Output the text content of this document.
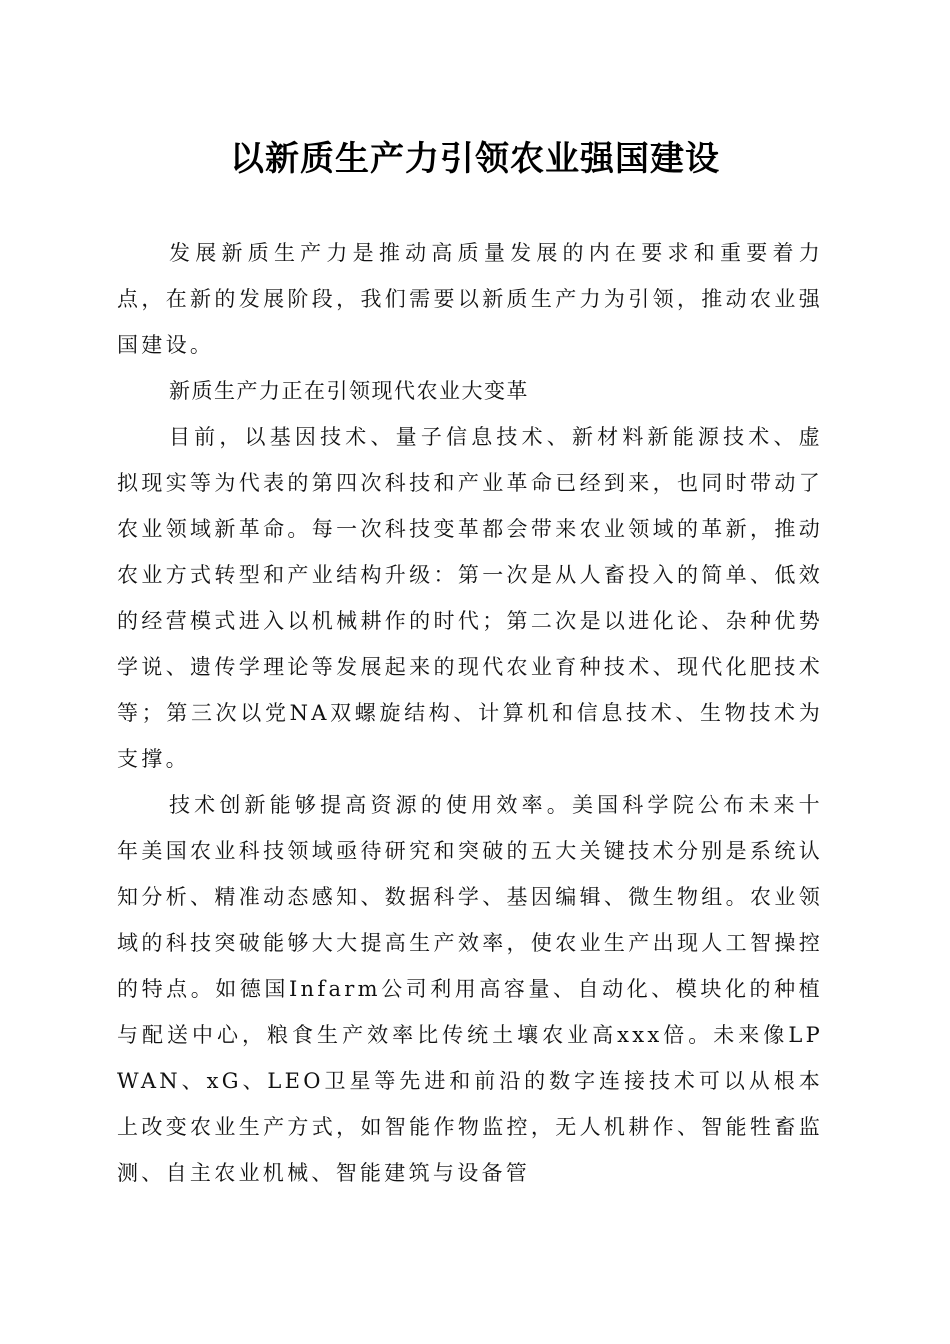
以新质生产力引领农业强国建设

发展新质生产力是推动高质量发展的内在要求和重要着力点，在新的发展阶段，我们需要以新质生产力为引领，推动农业强国建设。

新质生产力正在引领现代农业大变革

目前，以基因技术、量子信息技术、新材料新能源技术、虚拟现实等为代表的第四次科技和产业革命已经到来，也同时带动了农业领域新革命。每一次科技变革都会带来农业领域的革新，推动农业方式转型和产业结构升级：第一次是从人畜投入的简单、低效的经营模式进入以机械耕作的时代；第二次是以进化论、杂种优势学说、遗传学理论等发展起来的现代农业育种技术、现代化肥技术等；第三次以党NA双螺旋结构、计算机和信息技术、生物技术为支撑。

技术创新能够提高资源的使用效率。美国科学院公布未来十年美国农业科技领域亟待研究和突破的五大关键技术分别是系统认知分析、精准动态感知、数据科学、基因编辑、微生物组。农业领域的科技突破能够大大提高生产效率，使农业生产出现人工智操控的特点。如德国Infarm公司利用高容量、自动化、模块化的种植与配送中心，粮食生产效率比传统土壤农业高xxx倍。未来像LPWAN、xG、LEO卫星等先进和前沿的数字连接技术可以从根本上改变农业生产方式，如智能作物监控，无人机耕作、智能牲畜监测、自主农业机械、智能建筑与设备管
